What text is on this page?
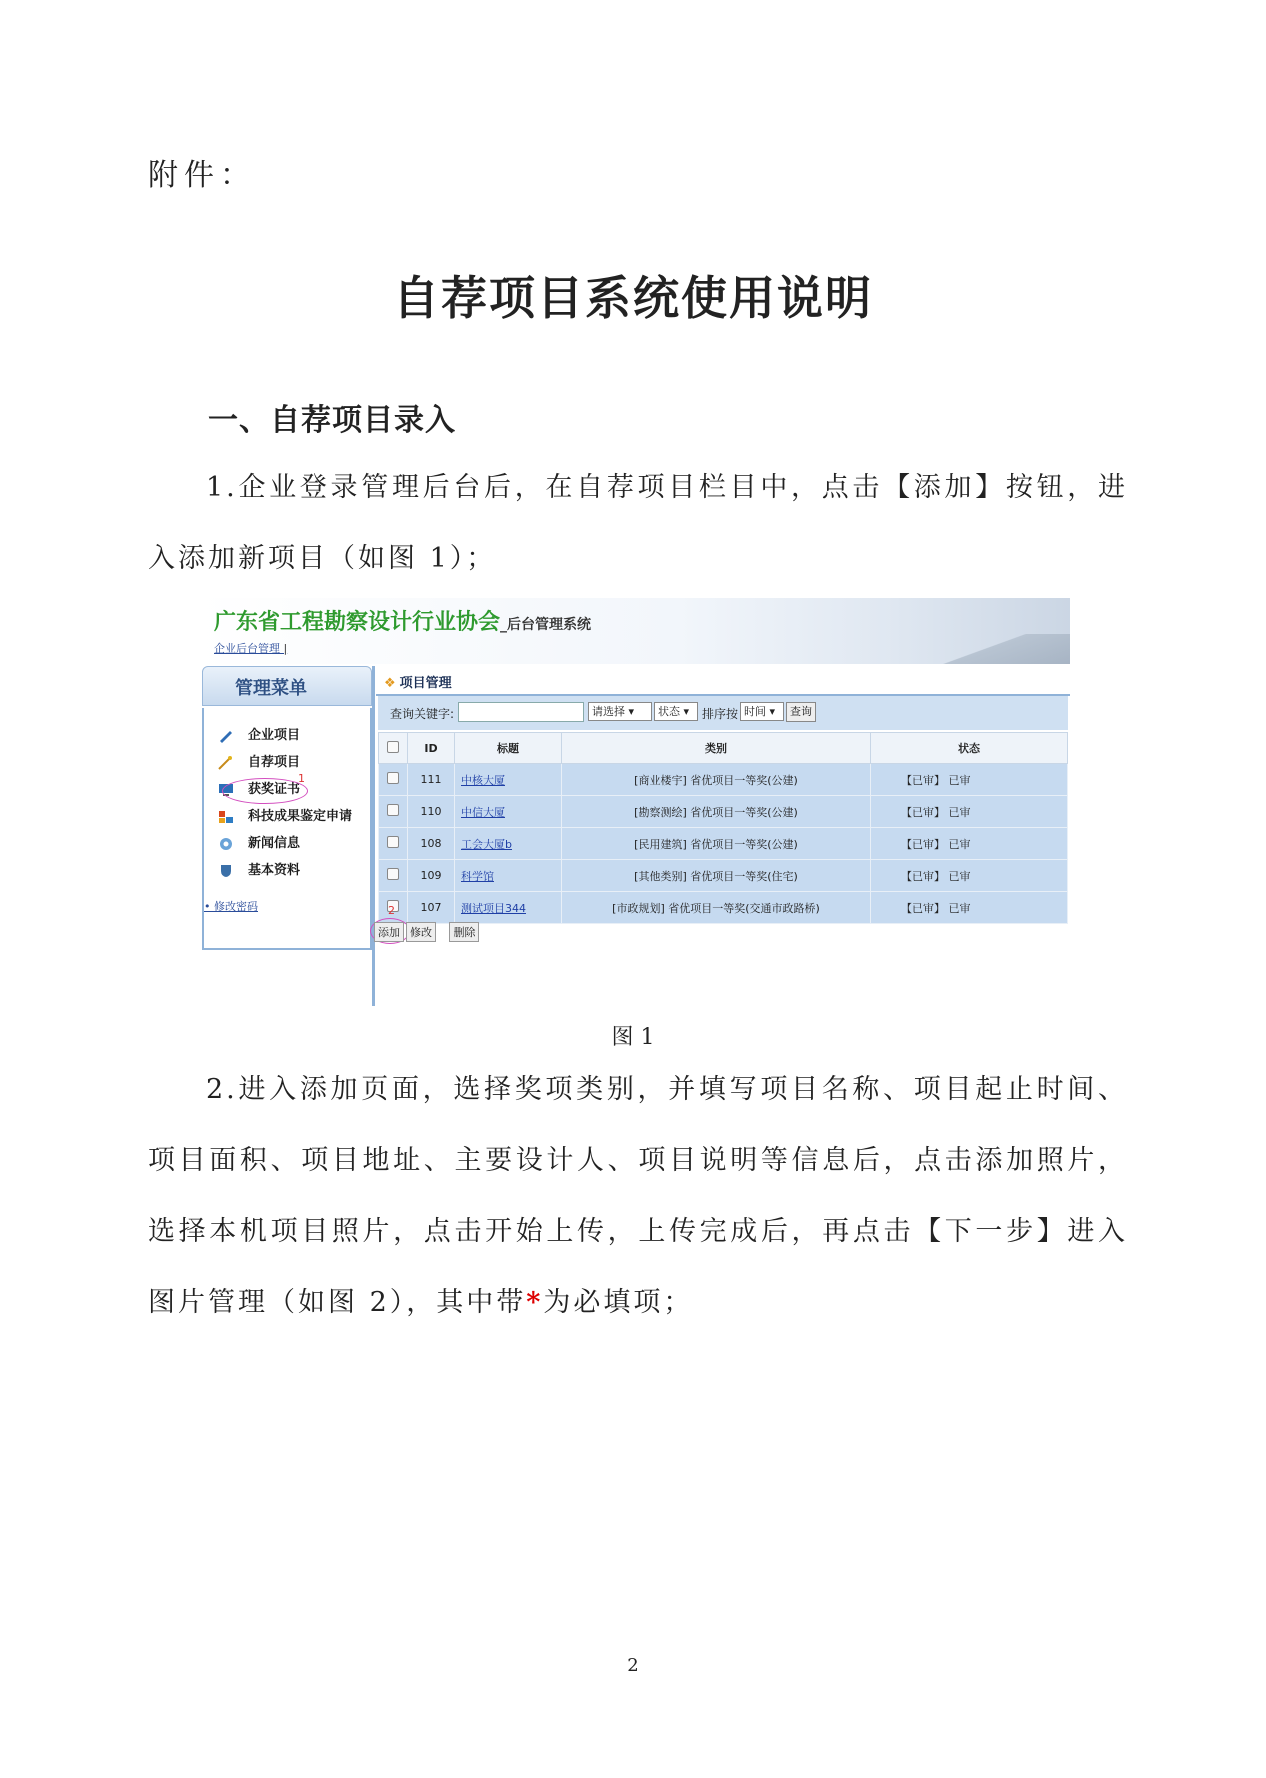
附件：
自荐项目系统使用说明
一、自荐项目录入
1.企业登录管理后台后，在自荐项目栏目中，点击【添加】按钮，进入添加新项目（如图 1）；
广东省工程勘察设计行业协会_后台管理系统
企业后台管理 |
管理菜单
企业项目
自荐项目
获奖证书
科技成果鉴定申请
新闻信息
基本资料
1
• 修改密码
❖ 项目管理
查询关键字:	请选择 ▾	状态 ▾	排序按 时间 ▾	查询
	ID	标题	类别	状态
	111	中核大厦	[商业楼宇] 省优项目一等奖(公建)	【已审】 已审
	110	中信大厦	[勘察测绘] 省优项目一等奖(公建)	【已审】 已审
	108	工会大厦b	[民用建筑] 省优项目一等奖(公建)	【已审】 已审
	109	科学馆	[其他类别] 省优项目一等奖(住宅)	【已审】 已审
	107	测试项目344	[市政规划] 省优项目一等奖(交通市政路桥)	【已审】 已审
2
添加 修改 删除
图 1
2.进入添加页面，选择奖项类别，并填写项目名称、项目起止时间、项目面积、项目地址、主要设计人、项目说明等信息后，点击添加照片，选择本机项目照片，点击开始上传，上传完成后，再点击【下一步】进入图片管理（如图 2），其中带*为必填项；
2
